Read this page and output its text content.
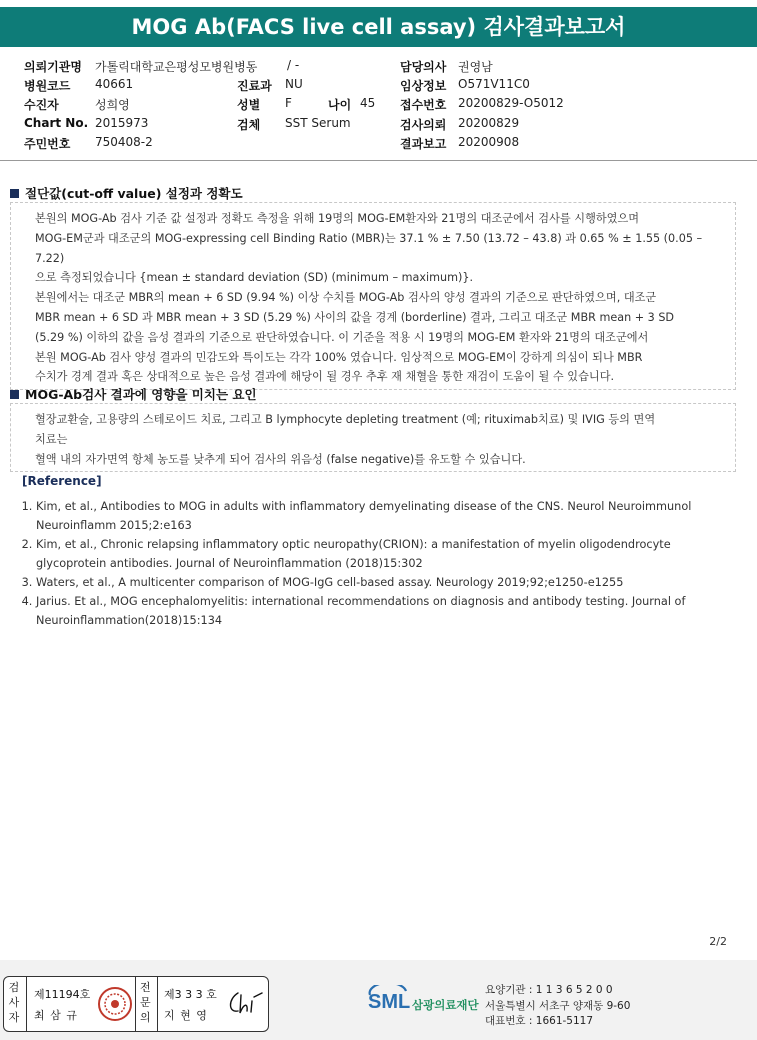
MOG Ab(FACS live cell assay) 검사결과보고서
의뢰기관명 가톨릭대학교은평성모병원병동 / -	담당의사 권영남
병원코드 40661	진료과 NU	임상정보 O571V11C0
수진자	성희영	성별 F	나이 45 접수번호 20200829-O5012
Chart No. 2015973	검체 SST Serum	검사의뢰 20200829
주민번호 750408-2	결과보고 20200908
절단값(cut-off value) 설정과 정확도
본원의 MOG-Ab 검사 기준 값 설정과 정확도 측정을 위해 19명의 MOG-EM환자와 21명의 대조군에서 검사를 시행하였으며
MOG-EM군과 대조군의 MOG-expressing cell Binding Ratio (MBR)는 37.1 % ± 7.50 (13.72 – 43.8) 과 0.65 % ± 1.55 (0.05 –
7.22)
으로 측정되었습니다 {mean ± standard deviation (SD) (minimum – maximum)}.
본원에서는 대조군 MBR의 mean + 6 SD (9.94 %) 이상 수치를 MOG-Ab 검사의 양성 결과의 기준으로 판단하였으며, 대조군
MBR mean + 6 SD 과 MBR mean + 3 SD (5.29 %) 사이의 값을 경계 (borderline) 결과, 그리고 대조군 MBR mean + 3 SD
(5.29 %) 이하의 값을 음성 결과의 기준으로 판단하였습니다. 이 기준을 적용 시 19명의 MOG-EM 환자와 21명의 대조군에서
본원 MOG-Ab 검사 양성 결과의 민감도와 특이도는 각각 100% 였습니다. 임상적으로 MOG-EM이 강하게 의심이 되나 MBR
수치가 경계 결과 혹은 상대적으로 높은 음성 결과에 해당이 될 경우 추후 재 채혈을 통한 재검이 도움이 될 수 있습니다.
MOG-Ab검사 결과에 영향을 미치는 요인
혈장교환술, 고용량의 스테로이드 치료, 그리고 B lymphocyte depleting treatment (예; rituximab치료) 및 IVIG 등의 면역
치료는
혈액 내의 자가면역 항체 농도를 낮추게 되어 검사의 위음성 (false negative)를 유도할 수 있습니다.
[Reference]
1. Kim, et al., Antibodies to MOG in adults with inflammatory demyelinating disease of the CNS. Neurol Neuroimmunol Neuroinflamm 2015;2:e163
2. Kim, et al., Chronic relapsing inflammatory optic neuropathy(CRION): a manifestation of myelin oligodendrocyte glycoprotein antibodies. Journal of Neuroinflammation (2018)15:302
3. Waters, et al., A multicenter comparison of MOG-IgG cell-based assay. Neurology 2019;92;e1250-e1255
4. Jarius. Et al., MOG encephalomyelitis: international recommendations on diagnosis and antibody testing. Journal of Neuroinflammation(2018)15:134
2/2
검사자
제11194호
최 삼 규
전문의
제3 3 3 호
지 현 영
SML 삼광의료재단
요양기관 : 1 1 3 6 5 2 0 0
서울특별시 서초구 양재동 9-60
대표번호 : 1661-5117
